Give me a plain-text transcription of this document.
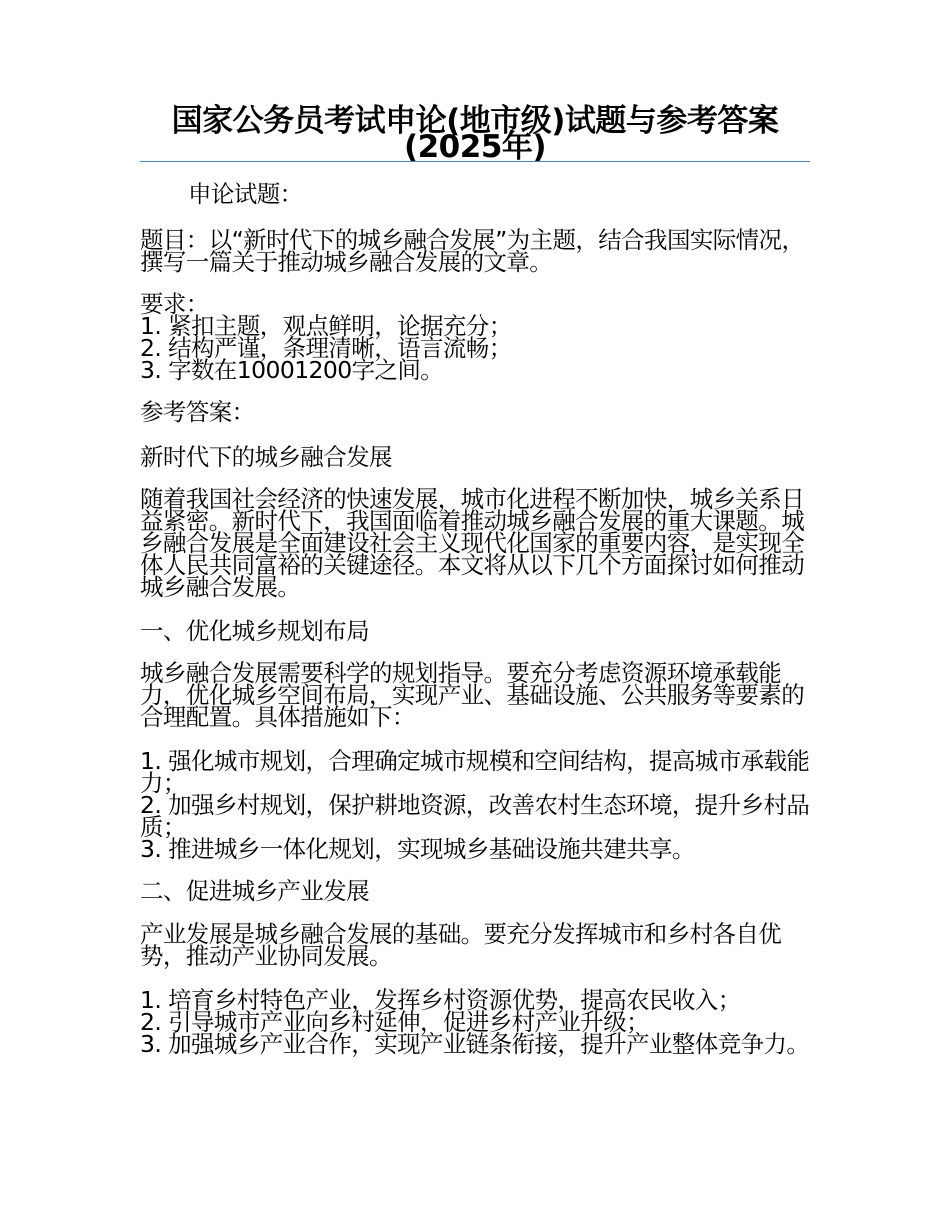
国家公务员考试申论(地市级)试题与参考答案(2025年)

申论试题：

题目：以“新时代下的城乡融合发展”为主题，结合我国实际情况，撰写一篇关于推动城乡融合发展的文章。

要求：
1. 紧扣主题，观点鲜明，论据充分；
2. 结构严谨，条理清晰，语言流畅；
3. 字数在10001200字之间。

参考答案：

新时代下的城乡融合发展

随着我国社会经济的快速发展，城市化进程不断加快，城乡关系日益紧密。新时代下，我国面临着推动城乡融合发展的重大课题。城乡融合发展是全面建设社会主义现代化国家的重要内容，是实现全体人民共同富裕的关键途径。本文将从以下几个方面探讨如何推动城乡融合发展。

一、优化城乡规划布局

城乡融合发展需要科学的规划指导。要充分考虑资源环境承载能力，优化城乡空间布局，实现产业、基础设施、公共服务等要素的合理配置。具体措施如下：

1. 强化城市规划，合理确定城市规模和空间结构，提高城市承载能力；
2. 加强乡村规划，保护耕地资源，改善农村生态环境，提升乡村品质；
3. 推进城乡一体化规划，实现城乡基础设施共建共享。

二、促进城乡产业发展

产业发展是城乡融合发展的基础。要充分发挥城市和乡村各自优势，推动产业协同发展。

1. 培育乡村特色产业，发挥乡村资源优势，提高农民收入；
2. 引导城市产业向乡村延伸，促进乡村产业升级；
3. 加强城乡产业合作，实现产业链条衔接，提升产业整体竞争力。
